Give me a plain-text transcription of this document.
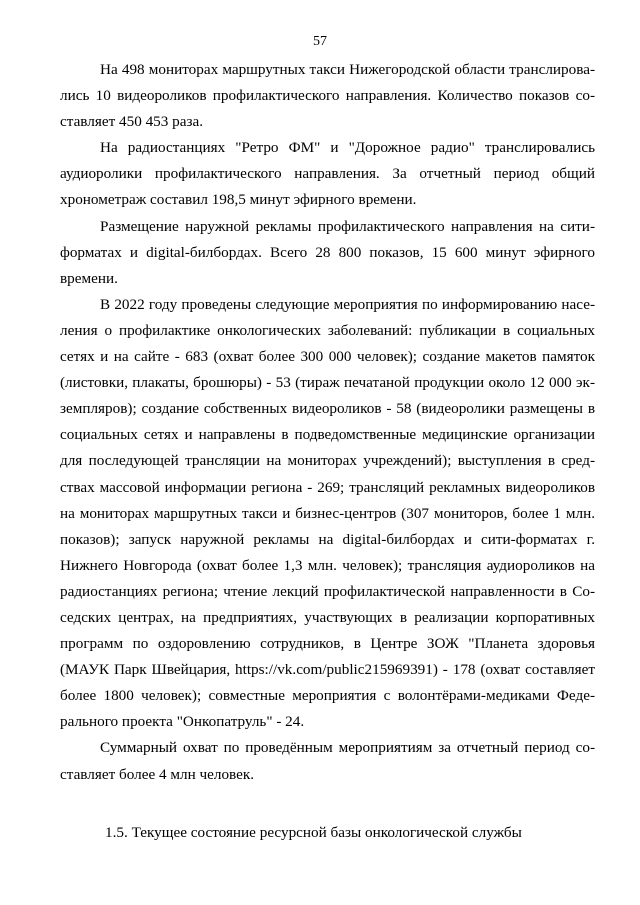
57

На 498 мониторах маршрутных такси Нижегородской области транслировались 10 видеороликов профилактического направления. Количество показов составляет 450 453 раза.

На радиостанциях "Ретро ФМ" и "Дорожное радио" транслировались аудиоролики профилактического направления. За отчетный период общий хронометраж составил 198,5 минут эфирного времени.

Размещение наружной рекламы профилактического направления на сити-форматах и digital-билбордах. Всего 28 800 показов, 15 600 минут эфирного времени.

В 2022 году проведены следующие мероприятия по информированию населения о профилактике онкологических заболеваний: публикации в социальных сетях и на сайте - 683 (охват более 300 000 человек); создание макетов памяток (листовки, плакаты, брошюры) - 53 (тираж печатаной продукции около 12 000 экземпляров); создание собственных видеороликов - 58 (видеоролики размещены в социальных сетях и направлены в подведомственные медицинские организации для последующей трансляции на мониторах учреждений); выступления в средствах массовой информации региона - 269; трансляций рекламных видеороликов на мониторах маршрутных такси и бизнес-центров (307 мониторов, более 1 млн. показов); запуск наружной рекламы на digital-билбордах и сити-форматах г. Нижнего Новгорода (охват более 1,3 млн. человек); трансляция аудиороликов на радиостанциях региона; чтение лекций профилактической направленности в Соседских центрах, на предприятиях, участвующих в реализации корпоративных программ по оздоровлению сотрудников, в Центре ЗОЖ "Планета здоровья (МАУК Парк Швейцария, https://vk.com/public215969391) - 178 (охват составляет более 1800 человек); совместные мероприятия с волонтёрами-медиками Федерального проекта "Онкопатруль" - 24.

Суммарный охват по проведённым мероприятиям за отчетный период составляет более 4 млн человек.

1.5. Текущее состояние ресурсной базы онкологической службы
